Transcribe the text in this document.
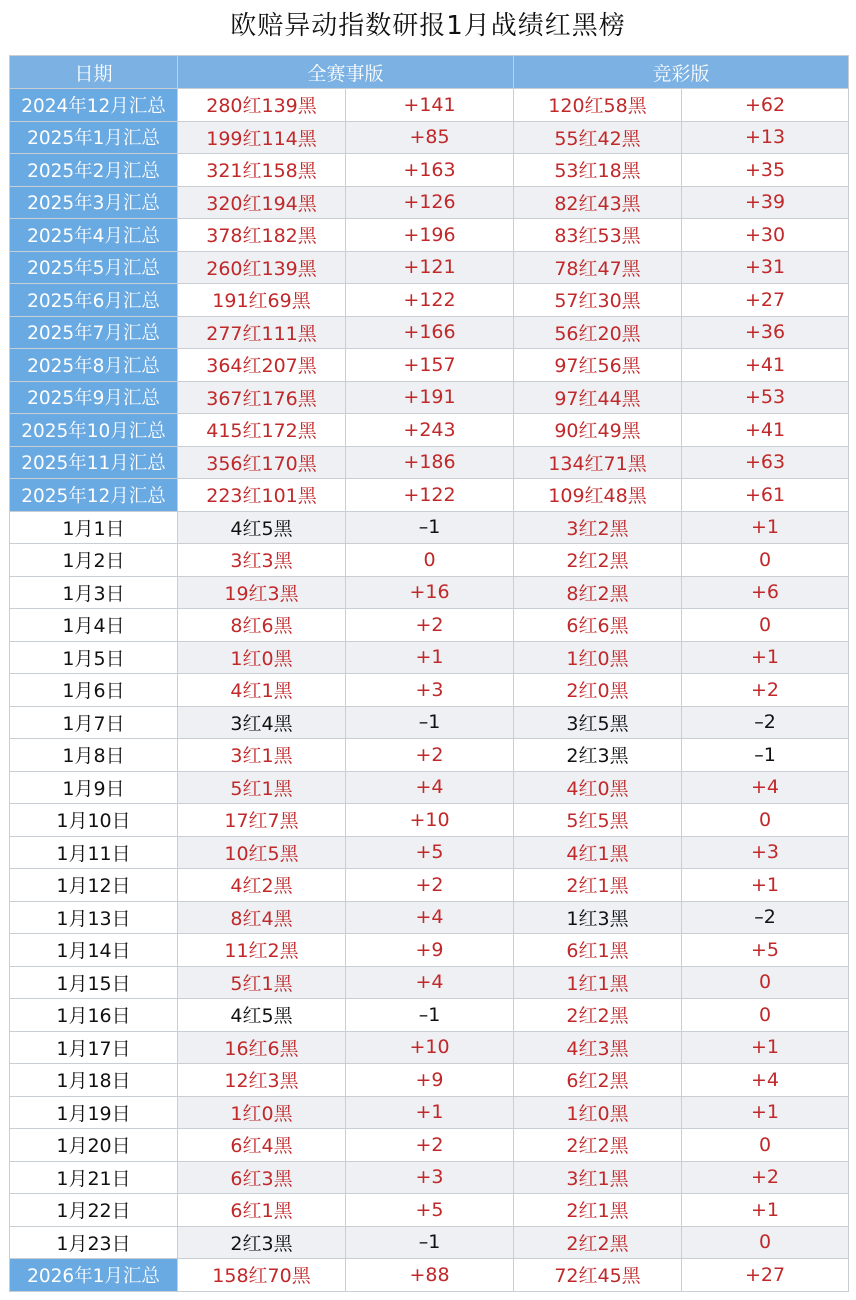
欧赔异动指数研报1月战绩红黑榜
日期	全赛事版		竞彩版	
2024年12月汇总	280红139黑	+141	120红58黑	+62
2025年1月汇总	199红114黑	+85	55红42黑	+13
2025年2月汇总	321红158黑	+163	53红18黑	+35
2025年3月汇总	320红194黑	+126	82红43黑	+39
2025年4月汇总	378红182黑	+196	83红53黑	+30
2025年5月汇总	260红139黑	+121	78红47黑	+31
2025年6月汇总	191红69黑	+122	57红30黑	+27
2025年7月汇总	277红111黑	+166	56红20黑	+36
2025年8月汇总	364红207黑	+157	97红56黑	+41
2025年9月汇总	367红176黑	+191	97红44黑	+53
2025年10月汇总	415红172黑	+243	90红49黑	+41
2025年11月汇总	356红170黑	+186	134红71黑	+63
2025年12月汇总	223红101黑	+122	109红48黑	+61
1月1日	4红5黑	–1	3红2黑	+1
1月2日	3红3黑	0	2红2黑	0
1月3日	19红3黑	+16	8红2黑	+6
1月4日	8红6黑	+2	6红6黑	0
1月5日	1红0黑	+1	1红0黑	+1
1月6日	4红1黑	+3	2红0黑	+2
1月7日	3红4黑	–1	3红5黑	–2
1月8日	3红1黑	+2	2红3黑	–1
1月9日	5红1黑	+4	4红0黑	+4
1月10日	17红7黑	+10	5红5黑	0
1月11日	10红5黑	+5	4红1黑	+3
1月12日	4红2黑	+2	2红1黑	+1
1月13日	8红4黑	+4	1红3黑	–2
1月14日	11红2黑	+9	6红1黑	+5
1月15日	5红1黑	+4	1红1黑	0
1月16日	4红5黑	–1	2红2黑	0
1月17日	16红6黑	+10	4红3黑	+1
1月18日	12红3黑	+9	6红2黑	+4
1月19日	1红0黑	+1	1红0黑	+1
1月20日	6红4黑	+2	2红2黑	0
1月21日	6红3黑	+3	3红1黑	+2
1月22日	6红1黑	+5	2红1黑	+1
1月23日	2红3黑	–1	2红2黑	0
2026年1月汇总	158红70黑	+88	72红45黑	+27
